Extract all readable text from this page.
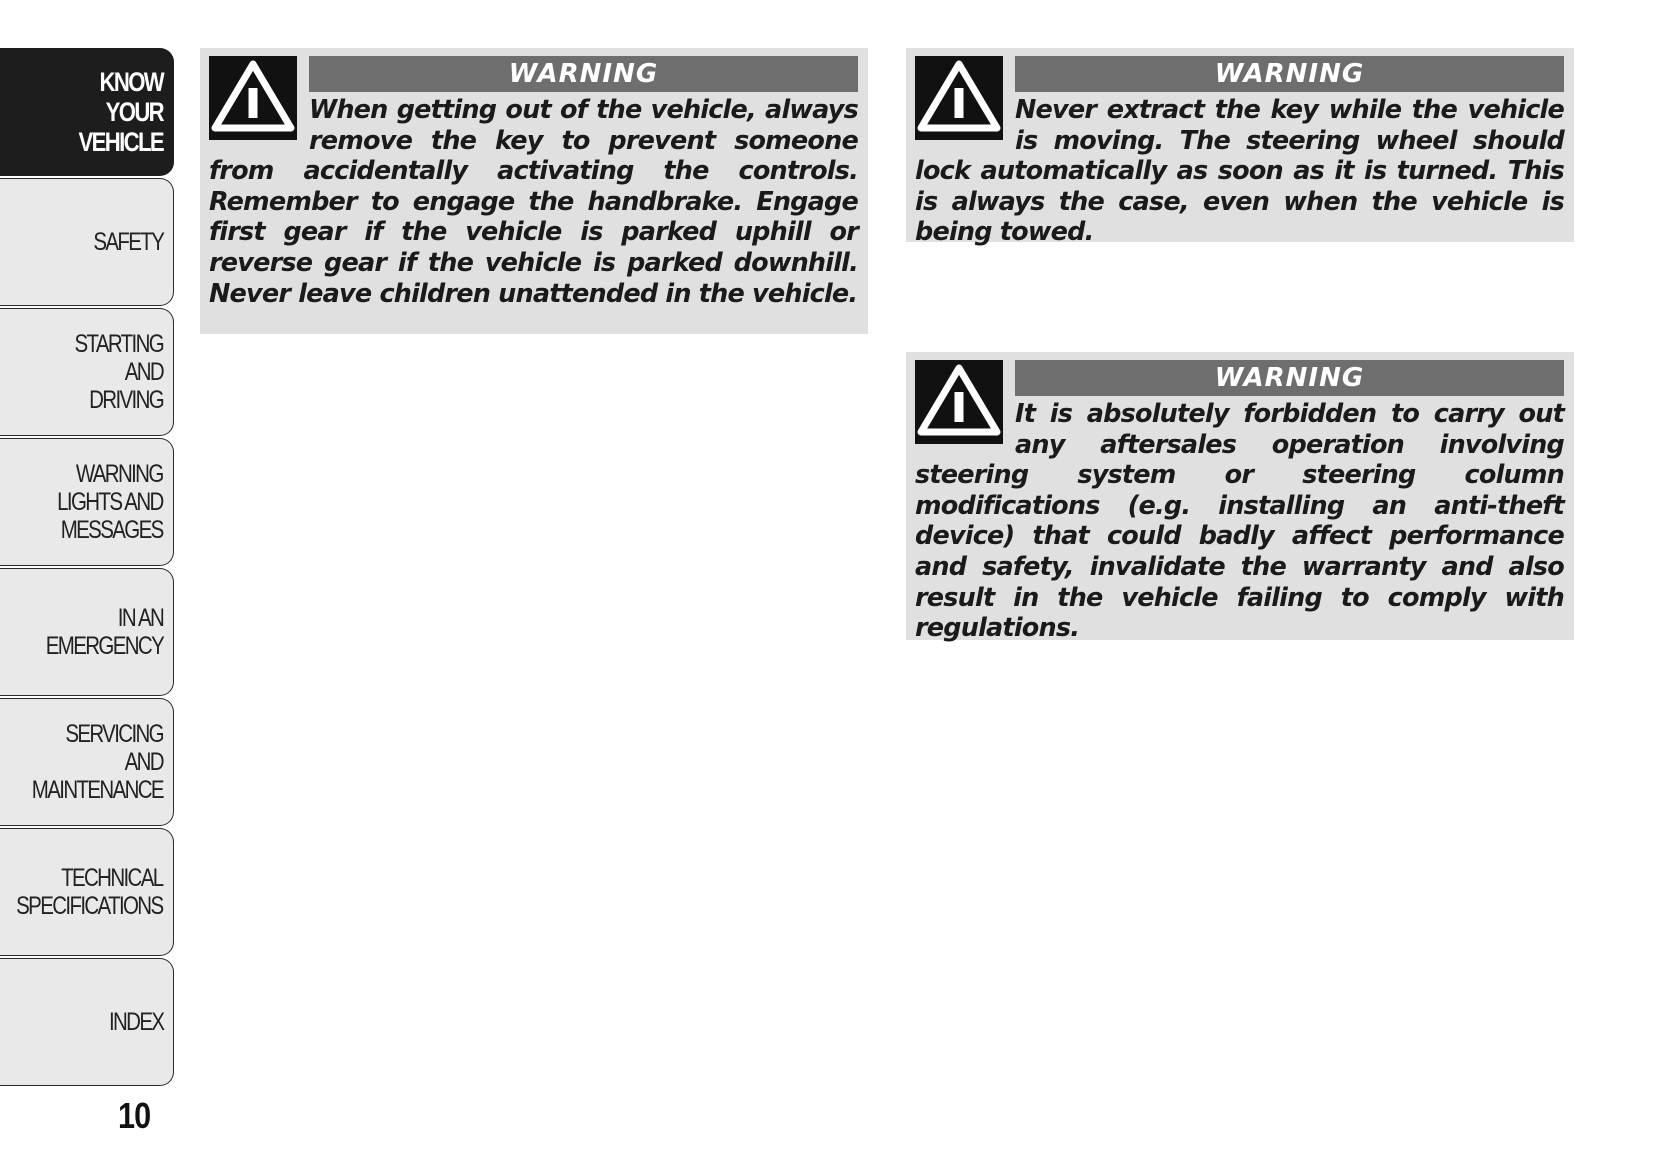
KNOW
YOUR
VEHICLE
SAFETY
STARTING
AND
DRIVING
WARNING
LIGHTS AND
MESSAGES
IN AN
EMERGENCY
SERVICING
AND
MAINTENANCE
TECHNICAL
SPECIFICATIONS
INDEX
10
WARNING

When getting out of the vehicle, always remove the key to prevent someone from accidentally activating the controls. Remember to engage the handbrake. Engage first gear if the vehicle is parked uphill or reverse gear if the vehicle is parked downhill. Never leave children unattended in the vehicle.

WARNING

Never extract the key while the vehicle is moving. The steering wheel should lock automatically as soon as it is turned. This is always the case, even when the vehicle is being towed.

WARNING

It is absolutely forbidden to carry out any aftersales operation involving steering system or steering column modifications (e.g. installing an anti-theft device) that could badly affect performance and safety, invalidate the warranty and also result in the vehicle failing to comply with regulations.
